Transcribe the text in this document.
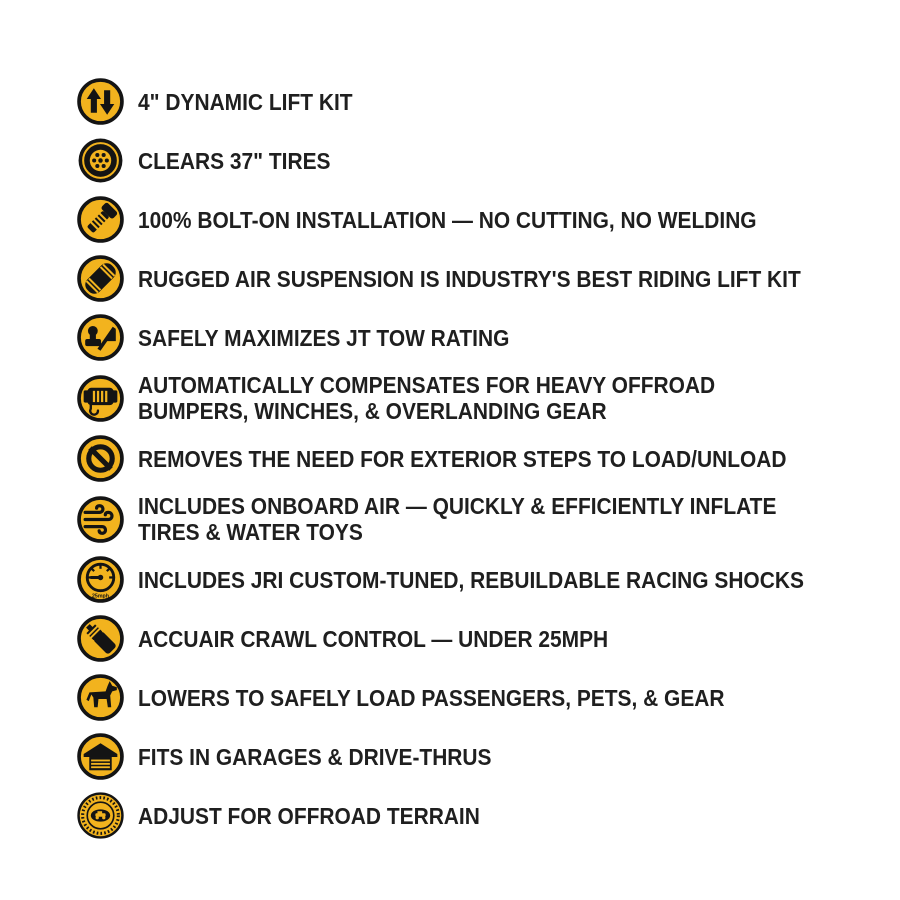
4" DYNAMIC LIFT KIT
CLEARS 37" TIRES
100% BOLT-ON INSTALLATION — NO CUTTING, NO WELDING
RUGGED AIR SUSPENSION IS INDUSTRY'S BEST RIDING LIFT KIT
SAFELY MAXIMIZES JT TOW RATING
AUTOMATICALLY COMPENSATES FOR HEAVY OFFROAD
BUMPERS, WINCHES, & OVERLANDING GEAR
REMOVES THE NEED FOR EXTERIOR STEPS TO LOAD/UNLOAD
INCLUDES ONBOARD AIR — QUICKLY & EFFICIENTLY INFLATE
TIRES & WATER TOYS
25mph
INCLUDES JRI CUSTOM-TUNED, REBUILDABLE RACING SHOCKS
ACCUAIR CRAWL CONTROL — UNDER 25MPH
LOWERS TO SAFELY LOAD PASSENGERS, PETS, & GEAR
FITS IN GARAGES & DRIVE-THRUS
ADJUST FOR OFFROAD TERRAIN
